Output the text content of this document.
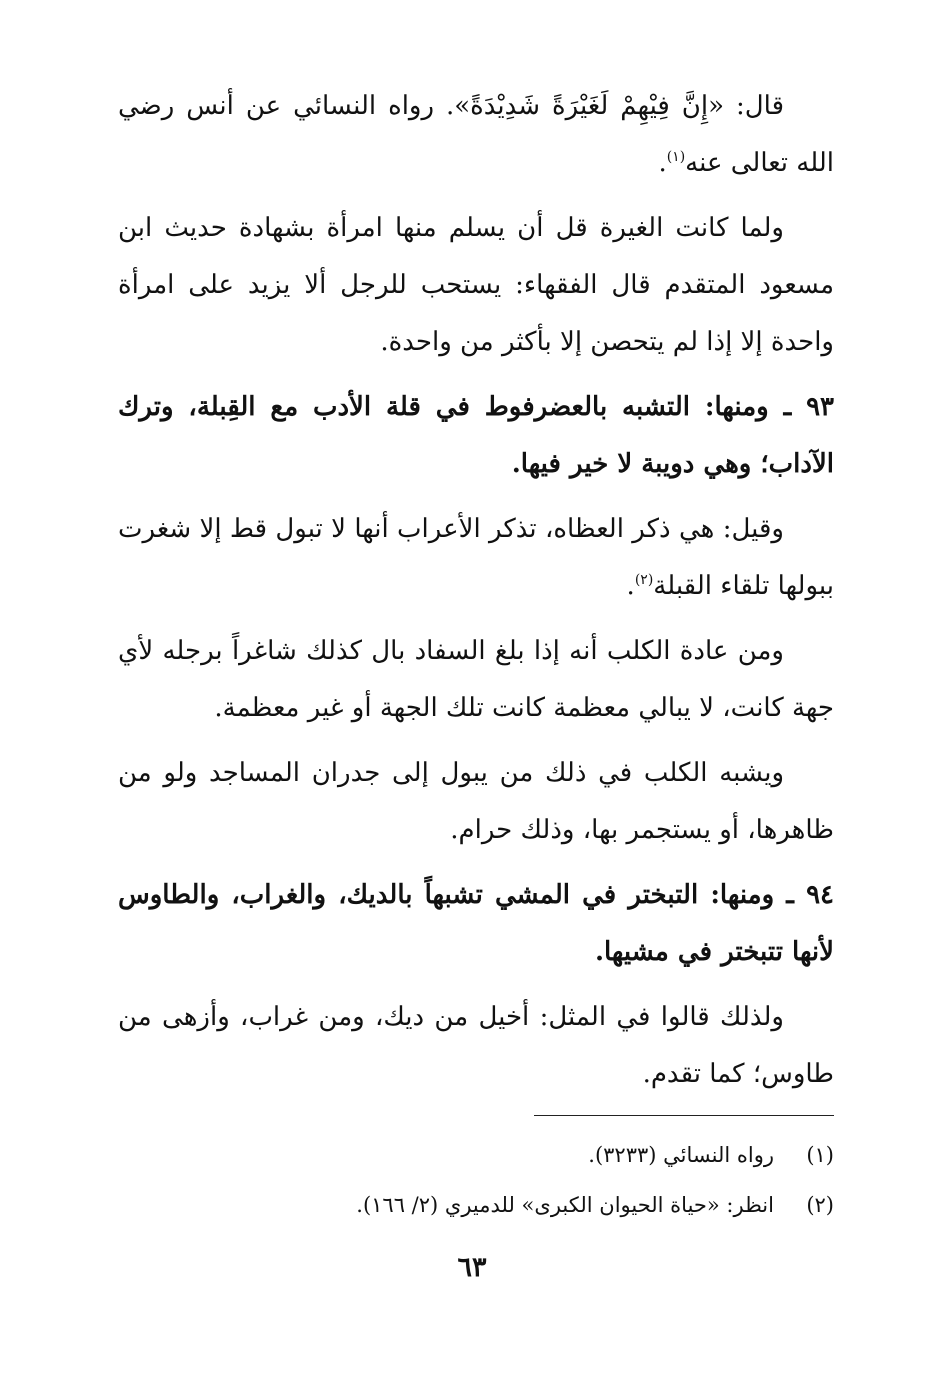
قال: «إِنَّ فِيْهِمْ لَغَيْرَةً شَدِيْدَةً». رواه النسائي عن أنس رضي الله تعالى عنه$^{(١)}$.

ولما كانت الغيرة قل أن يسلم منها امرأة بشهادة حديث ابن مسعود المتقدم قال الفقهاء: يستحب للرجل ألا يزيد على امرأة واحدة إلا إذا لم يتحصن إلا بأكثر من واحدة.

٩٣ ـ ومنها: التشبه بالعضرفوط في قلة الأدب مع القِبلة، وترك الآداب؛ وهي دويبة لا خير فيها.

وقيل: هي ذكر العظاه، تذكر الأعراب أنها لا تبول قط إلا شغرت ببولها تلقاء القبلة$^{(٢)}$.

ومن عادة الكلب أنه إذا بلغ السفاد بال كذلك شاغراً برجله لأي جهة كانت، لا يبالي معظمة كانت تلك الجهة أو غير معظمة.

ويشبه الكلب في ذلك من يبول إلى جدران المساجد ولو من ظاهرها، أو يستجمر بها، وذلك حرام.

٩٤ ـ ومنها: التبختر في المشي تشبهاً بالديك، والغراب، والطاوس لأنها تتبختر في مشيها.

ولذلك قالوا في المثل: أخيل من ديك، ومن غراب، وأزهى من طاوس؛ كما تقدم.

(١)
رواه النسائي (٣٢٣٣).
(٢)
انظر: «حياة الحيوان الكبرى» للدميري (٢/ ١٦٦).
٦٣
